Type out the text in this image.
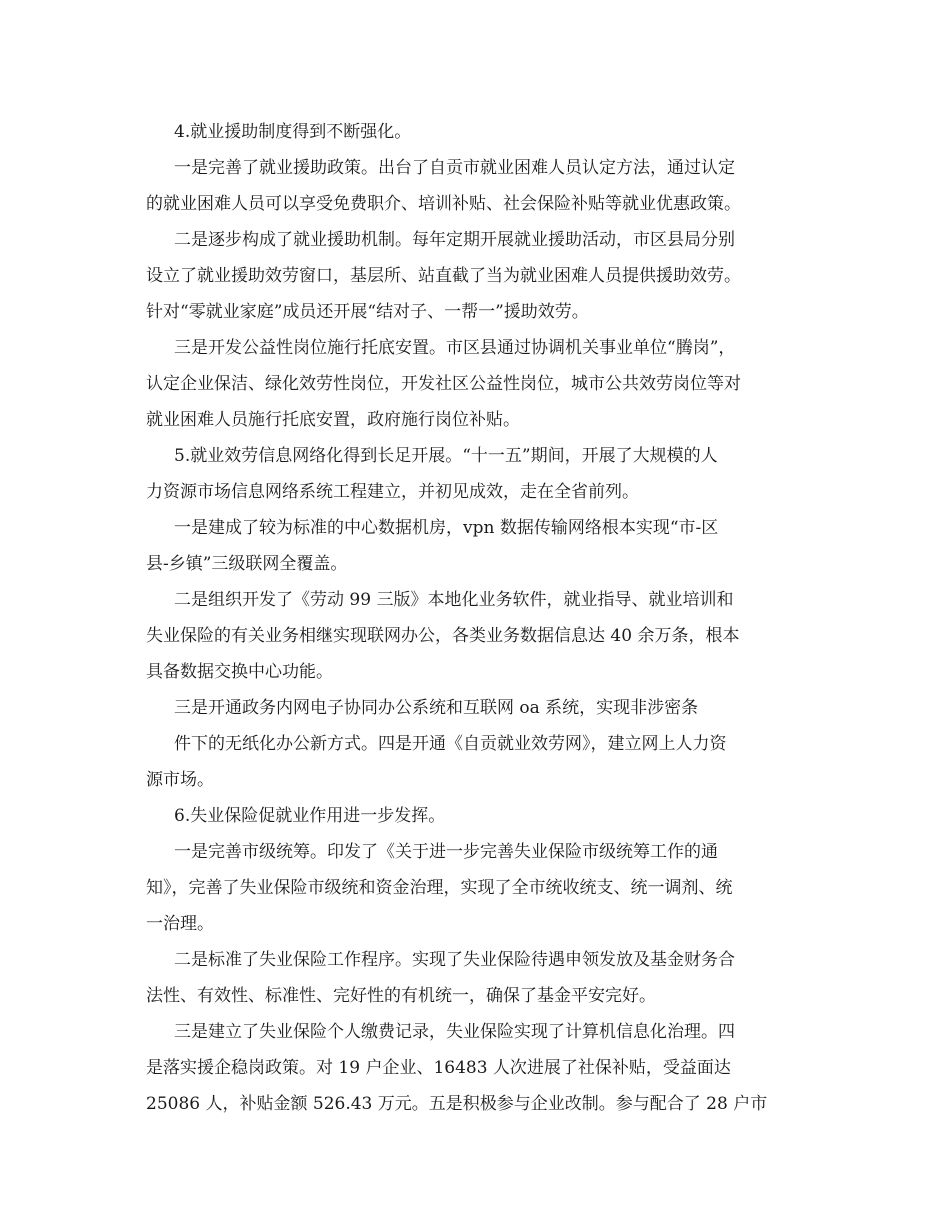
4.就业援助制度得到不断强化。

一是完善了就业援助政策。出台了自贡市就业困难人员认定方法，通过认定

的就业困难人员可以享受免费职介、培训补贴、社会保险补贴等就业优惠政策。

二是逐步构成了就业援助机制。每年定期开展就业援助活动，市区县局分别

设立了就业援助效劳窗口，基层所、站直截了当为就业困难人员提供援助效劳。

针对“零就业家庭”成员还开展“结对子、一帮一”援助效劳。

三是开发公益性岗位施行托底安置。市区县通过协调机关事业单位“腾岗”，

认定企业保洁、绿化效劳性岗位，开发社区公益性岗位，城市公共效劳岗位等对

就业困难人员施行托底安置，政府施行岗位补贴。

5.就业效劳信息网络化得到长足开展。“十一五”期间，开展了大规模的人

力资源市场信息网络系统工程建立，并初见成效，走在全省前列。

一是建成了较为标准的中心数据机房，vpn 数据传输网络根本实现“市-区

县-乡镇”三级联网全覆盖。

二是组织开发了《劳动 99 三版》本地化业务软件，就业指导、就业培训和

失业保险的有关业务相继实现联网办公，各类业务数据信息达 40 余万条，根本

具备数据交换中心功能。

三是开通政务内网电子协同办公系统和互联网 oa 系统，实现非涉密条

件下的无纸化办公新方式。四是开通《自贡就业效劳网》，建立网上人力资

源市场。

6.失业保险促就业作用进一步发挥。

一是完善市级统筹。印发了《关于进一步完善失业保险市级统筹工作的通

知》，完善了失业保险市级统和资金治理，实现了全市统收统支、统一调剂、统

一治理。

二是标准了失业保险工作程序。实现了失业保险待遇申领发放及基金财务合

法性、有效性、标准性、完好性的有机统一，确保了基金平安完好。

三是建立了失业保险个人缴费记录，失业保险实现了计算机信息化治理。四

是落实援企稳岗政策。对 19 户企业、16483 人次进展了社保补贴，受益面达

25086 人，补贴金额 526.43 万元。五是积极参与企业改制。参与配合了 28 户市
